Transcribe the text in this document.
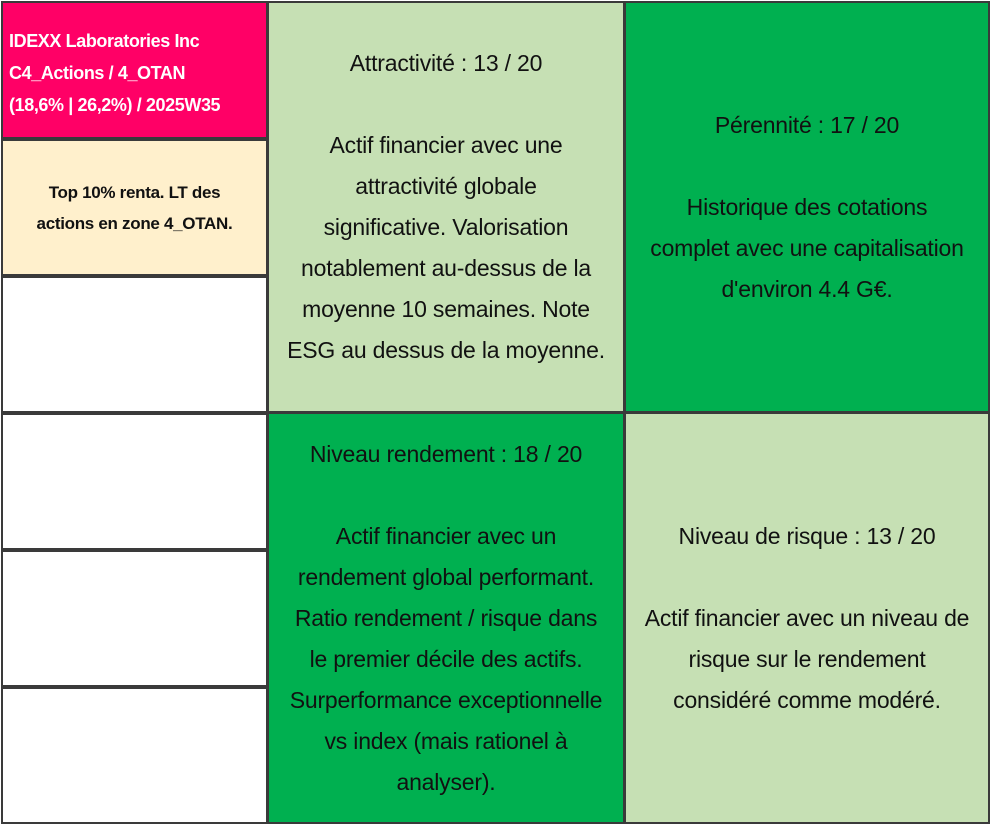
IDEXX Laboratories Inc
C4_Actions / 4_OTAN
(18,6% | 26,2%) / 2025W35
Top 10% renta. LT des
actions en zone 4_OTAN.
Attractivité : 13 / 20
Actif financier avec une
attractivité globale
significative. Valorisation
notablement au-dessus de la
moyenne 10 semaines. Note
ESG au dessus de la moyenne.
Pérennité : 17 / 20
Historique des cotations
complet avec une capitalisation
d'environ 4.4 G€.
Niveau rendement : 18 / 20
Actif financier avec un
rendement global performant.
Ratio rendement / risque dans
le premier décile des actifs.
Surperformance exceptionnelle
vs index (mais rationel à
analyser).
Niveau de risque : 13 / 20
Actif financier avec un niveau de
risque sur le rendement
considéré comme modéré.
